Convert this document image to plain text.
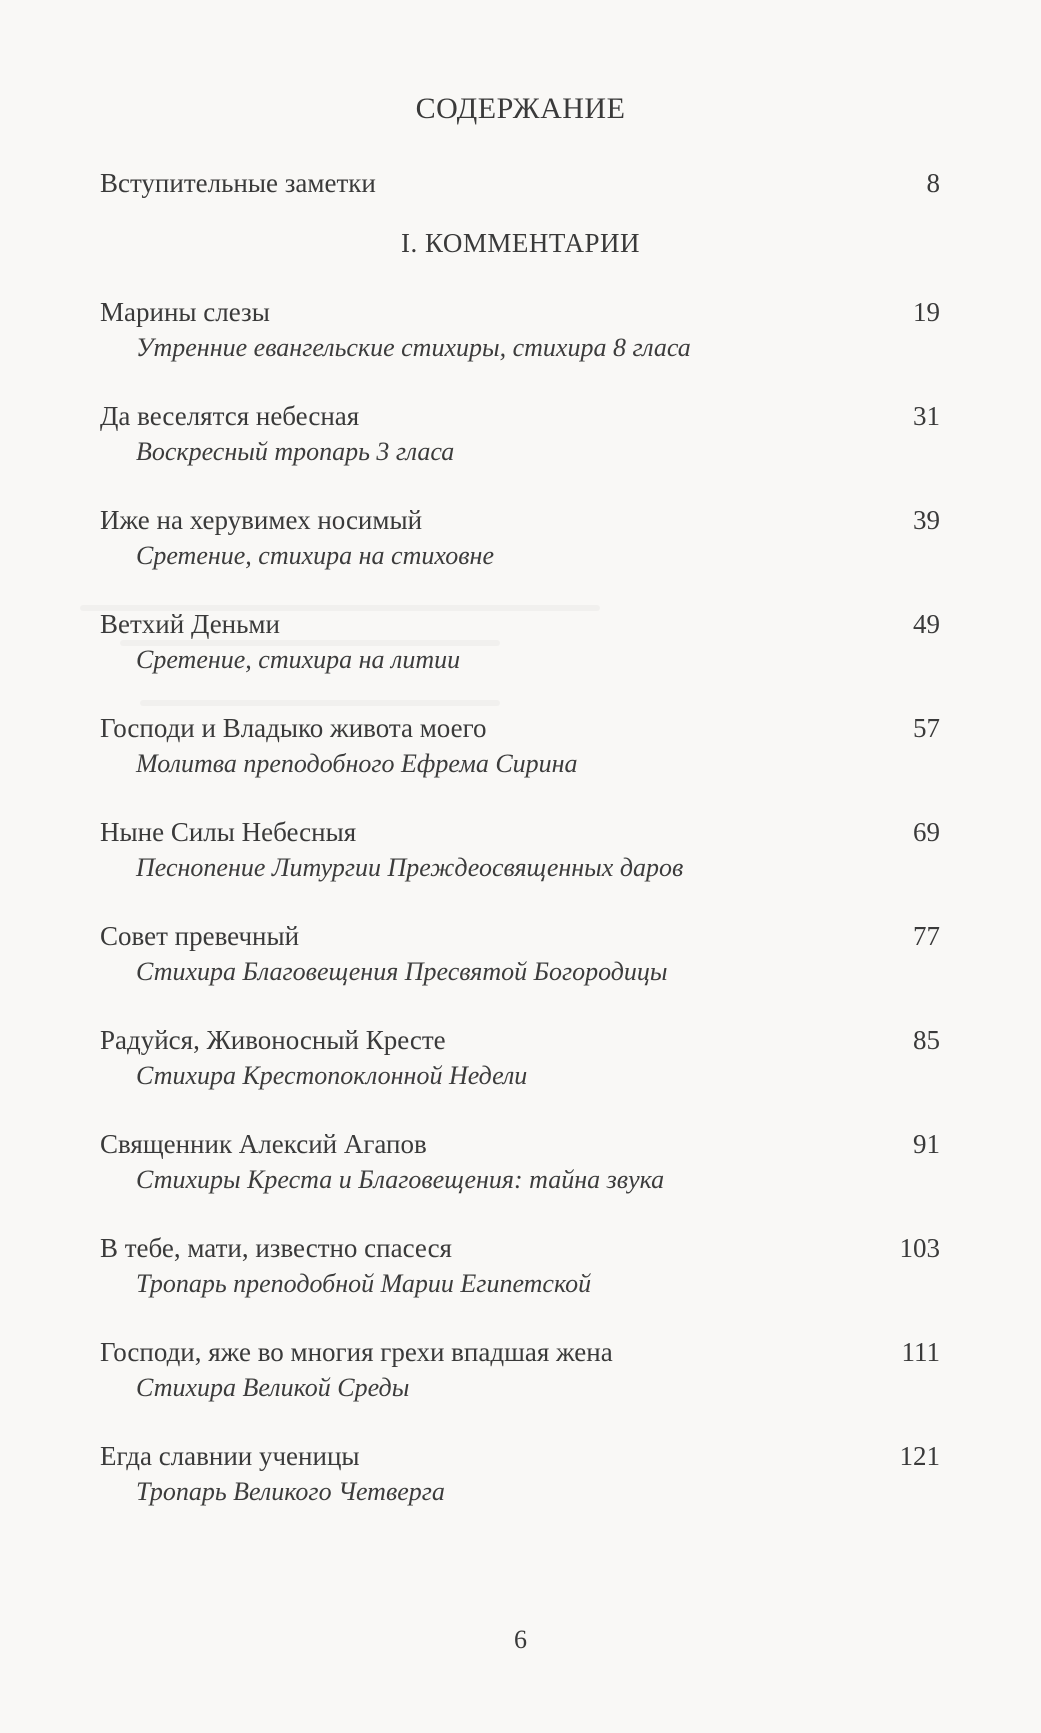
СОДЕРЖАНИЕ
Вступительные заметки	8
I. КОММЕНТАРИИ
Марины слезы	19
Утренние евангельские стихиры, стихира 8 гласа
Да веселятся небесная	31
Воскресный тропарь 3 гласа
Иже на херувимех носимый	39
Сретение, стихира на стиховне
Ветхий Деньми	49
Сретение, стихира на литии
Господи и Владыко живота моего	57
Молитва преподобного Ефрема Сирина
Ныне Силы Небесныя	69
Песнопение Литургии Преждеосвященных даров
Совет превечный	77
Стихира Благовещения Пресвятой Богородицы
Радуйся, Живоносный Кресте	85
Стихира Крестопоклонной Недели
Священник Алексий Агапов	91
Стихиры Креста и Благовещения: тайна звука
В тебе, мати, известно спасеся	103
Тропарь преподобной Марии Египетской
Господи, яже во многия грехи впадшая жена	111
Стихира Великой Среды
Егда славнии ученицы	121
Тропарь Великого Четверга
6
